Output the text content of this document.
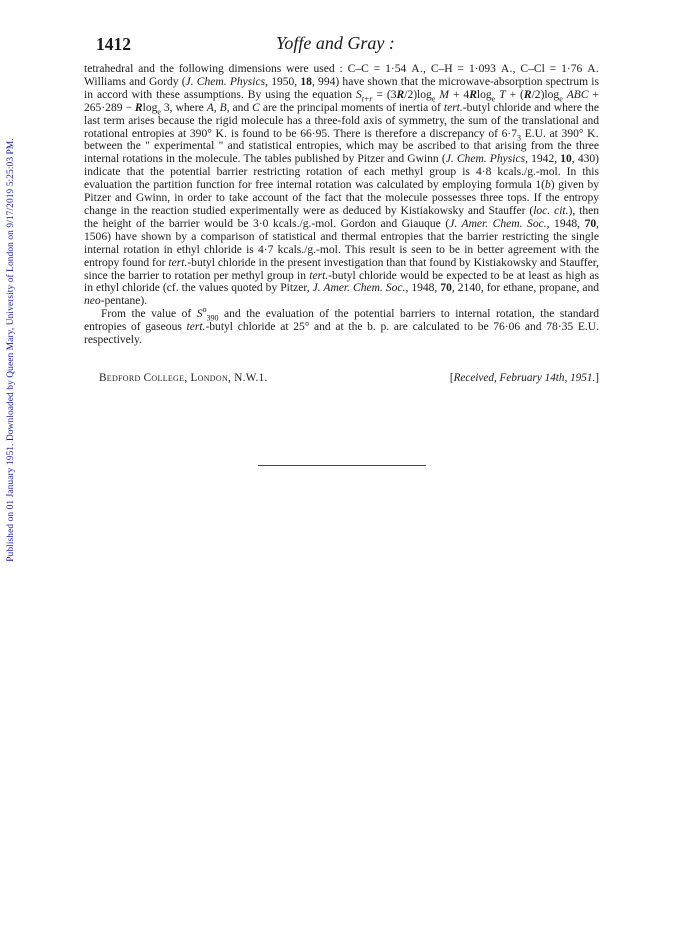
Published on 01 January 1951. Downloaded by Queen Mary, University of London on 9/17/2019 5:25:03 PM.
1412	Yoffe and Gray :

tetrahedral and the following dimensions were used : C–C = 1·54 A., C–H = 1·093 A., C–Cl = 1·76 A. Williams and Gordy (J. Chem. Physics, 1950, 18, 994) have shown that the microwave-absorption spectrum is in accord with these assumptions. By using the equation $S_{t+r} = (3R/2)\log_e$ M + 4Rlog$_e$ $T + (R/2)\log_e$ ABC + 265·289 − Rlog$_e$ 3, where A, B, and C are the principal moments of inertia of tert.-butyl chloride and where the last term arises because the rigid molecule has a three-fold axis of symmetry, the sum of the translational and rotational entropies at 390° K. is found to be 66·95. There is therefore a discrepancy of $6\cdot 7_3$ E.U. at 390° K. between the " experimental " and statistical entropies, which may be ascribed to that arising from the three internal rotations in the molecule. The tables published by Pitzer and Gwinn (J. Chem. Physics, 1942, 10, 430) indicate that the potential barrier restricting rotation of each methyl group is 4·8 kcals./g.-mol. In this evaluation the partition function for free internal rotation was calculated by employing formula 1(b) given by Pitzer and Gwinn, in order to take account of the fact that the molecule possesses three tops. If the entropy change in the reaction studied experimentally were as deduced by Kistiakowsky and Stauffer (loc. cit.), then the height of the barrier would be 3·0 kcals./g.-mol. Gordon and Giauque (J. Amer. Chem. Soc., 1948, 70, 1506) have shown by a comparison of statistical and thermal entropies that the barrier restricting the single internal rotation in ethyl chloride is 4·7 kcals./g.-mol. This result is seen to be in better agreement with the entropy found for tert.-butyl chloride in the present investigation than that found by Kistiakowsky and Stauffer, since the barrier to rotation per methyl group in tert.-butyl chloride would be expected to be at least as high as in ethyl chloride (cf. the values quoted by Pitzer, J. Amer. Chem. Soc., 1948, 70, 2140, for ethane, propane, and neo-pentane).

From the value of $S^o_{390}$ and the evaluation of the potential barriers to internal rotation, the standard entropies of gaseous tert.-butyl chloride at 25° and at the b. p. are calculated to be 76·06 and 78·35 E.U. respectively.

Bedford College, London, N.W.1.	[Received, February 14th, 1951.]
